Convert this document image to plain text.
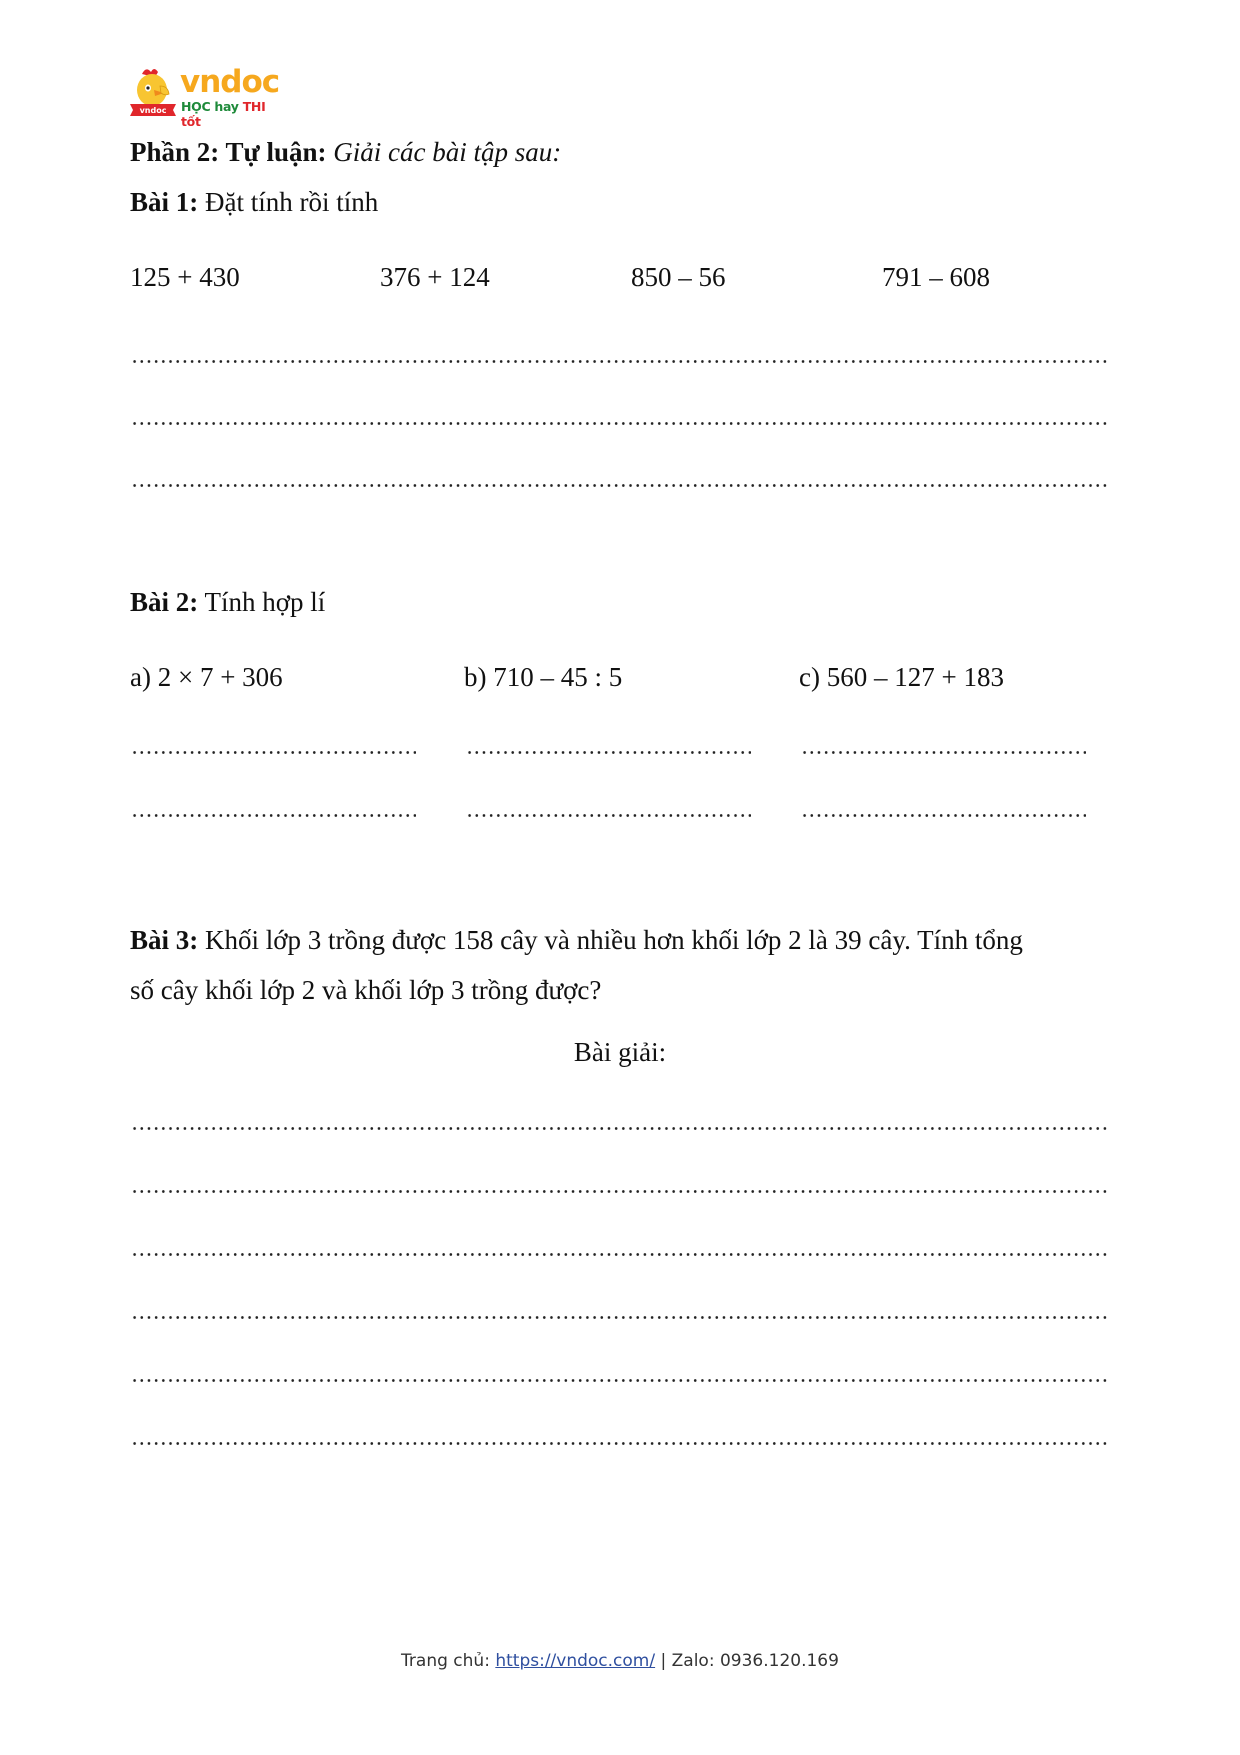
vndoc
vndoc
HỌC hay THI tốt
Phần 2: Tự luận: Giải các bài tập sau:
Bài 1: Đặt tính rồi tính
125 + 430	376 + 124	850 – 56	791 – 608
Bài 2: Tính hợp lí
a) 2 × 7 + 306	b) 710 – 45 : 5	c) 560 – 127 + 183
Bài 3: Khối lớp 3 trồng được 158 cây và nhiều hơn khối lớp 2 là 39 cây. Tính tổng
số cây khối lớp 2 và khối lớp 3 trồng được?
Bài giải:
Trang chủ: https://vndoc.com/ | Zalo: 0936.120.169
